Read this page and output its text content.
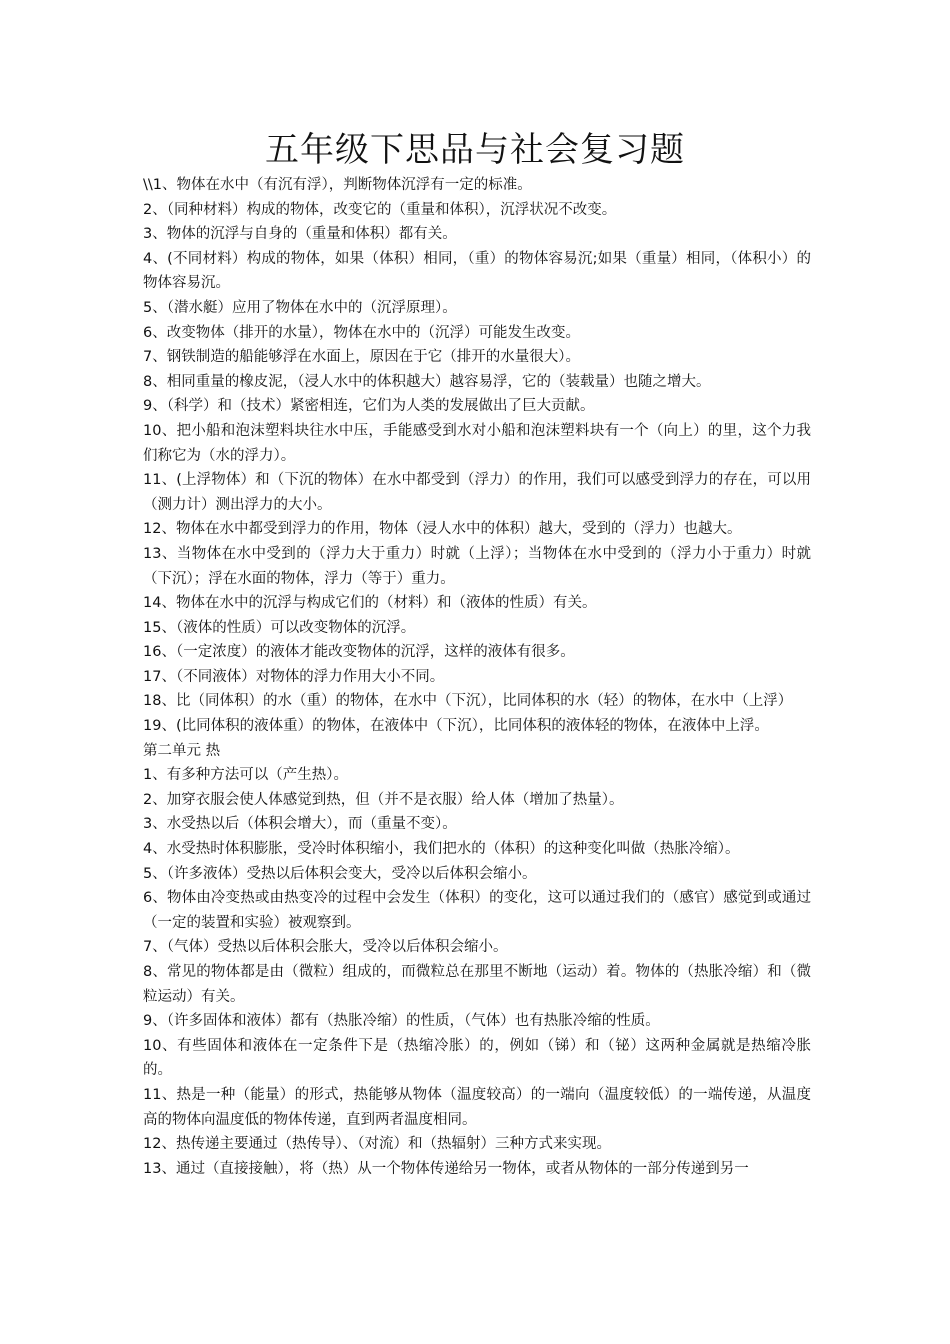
五年级下思品与社会复习题
\\1、物体在水中（有沉有浮），判断物体沉浮有一定的标准。
2、（同种材料）构成的物体，改变它的（重量和体积），沉浮状况不改变。
3、物体的沉浮与自身的（重量和体积）都有关。
4、(不同材料）构成的物体，如果（体积）相同，（重）的物体容易沉;如果（重量）相同，（体积小）的物体容易沉。
5、（潜水艇）应用了物体在水中的（沉浮原理）。
6、改变物体（排开的水量），物体在水中的（沉浮）可能发生改变。
7、钢铁制造的船能够浮在水面上，原因在于它（排开的水量很大）。
8、相同重量的橡皮泥，（浸人水中的体积越大）越容易浮，它的（装载量）也随之增大。
9、（科学）和（技术）紧密相连，它们为人类的发展做出了巨大贡献。
10、把小船和泡沫塑料块往水中压，手能感受到水对小船和泡沫塑料块有一个（向上）的里，这个力我们称它为（水的浮力）。
11、(上浮物体）和（下沉的物体）在水中都受到（浮力）的作用，我们可以感受到浮力的存在，可以用（测力计）测出浮力的大小。
12、物体在水中都受到浮力的作用，物体（浸人水中的体积）越大，受到的（浮力）也越大。
13、当物体在水中受到的（浮力大于重力）时就（上浮）；当物体在水中受到的（浮力小于重力）时就（下沉）；浮在水面的物体，浮力（等于）重力。
14、物体在水中的沉浮与构成它们的（材料）和（液体的性质）有关。
15、（液体的性质）可以改变物体的沉浮。
16、（一定浓度）的液体才能改变物体的沉浮，这样的液体有很多。
17、（不同液体）对物体的浮力作用大小不同。
18、比（同体积）的水（重）的物体，在水中（下沉），比同体积的水（轻）的物体，在水中（上浮）
19、(比同体积的液体重）的物体，在液体中（下沉），比同体积的液体轻的物体，在液体中上浮。
第二单元 热
1、有多种方法可以（产生热）。
2、加穿衣服会使人体感觉到热，但（并不是衣服）给人体（增加了热量）。
3、水受热以后（体积会增大），而（重量不变）。
4、水受热时体积膨胀，受冷时体积缩小，我们把水的（体积）的这种变化叫做（热胀冷缩）。
5、（许多液体）受热以后体积会变大，受冷以后体积会缩小。
6、物体由冷变热或由热变冷的过程中会发生（体积）的变化，这可以通过我们的（感官）感觉到或通过（一定的装置和实验）被观察到。
7、（气体）受热以后体积会胀大，受冷以后体积会缩小。
8、常见的物体都是由（微粒）组成的，而微粒总在那里不断地（运动）着。物体的（热胀冷缩）和（微粒运动）有关。
9、（许多固体和液体）都有（热胀冷缩）的性质，（气体）也有热胀冷缩的性质。
10、有些固体和液体在一定条件下是（热缩冷胀）的，例如（锑）和（铋）这两种金属就是热缩冷胀的。
11、热是一种（能量）的形式，热能够从物体（温度较高）的一端向（温度较低）的一端传递，从温度高的物体向温度低的物体传递，直到两者温度相同。
12、热传递主要通过（热传导）、（对流）和（热辐射）三种方式来实现。
13、通过（直接接触），将（热）从一个物体传递给另一物体，或者从物体的一部分传递到另一
